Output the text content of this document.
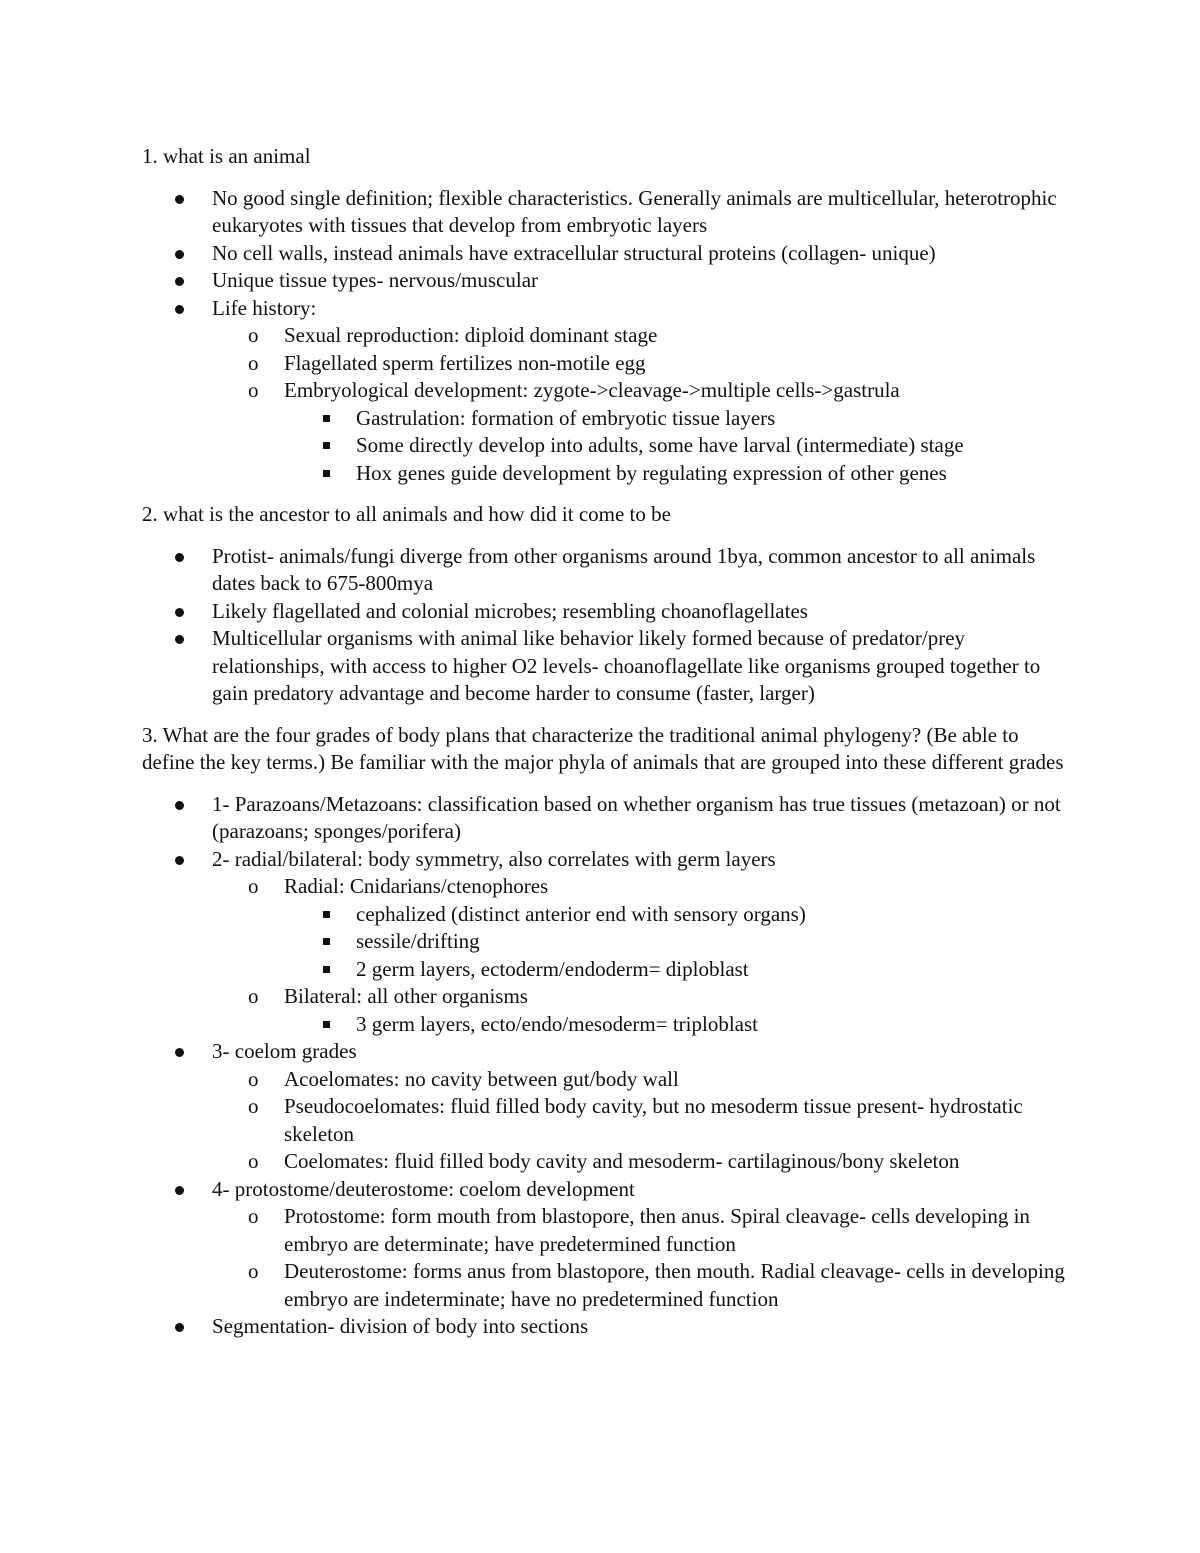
1. what is an animal

No good single definition; flexible characteristics. Generally animals are multicellular, heterotrophic eukaryotes with tissues that develop from embryotic layers
No cell walls, instead animals have extracellular structural proteins (collagen- unique)
Unique tissue types- nervous/muscular
Life history:
o Sexual reproduction: diploid dominant stage
o Flagellated sperm fertilizes non-motile egg
o Embryological development: zygote->cleavage->multiple cells->gastrula
Gastrulation: formation of embryotic tissue layers
Some directly develop into adults, some have larval (intermediate) stage
Hox genes guide development by regulating expression of other genes

2. what is the ancestor to all animals and how did it come to be

Protist- animals/fungi diverge from other organisms around 1bya, common ancestor to all animals dates back to 675-800mya
Likely flagellated and colonial microbes; resembling choanoflagellates
Multicellular organisms with animal like behavior likely formed because of predator/prey relationships, with access to higher O2 levels- choanoflagellate like organisms grouped together to gain predatory advantage and become harder to consume (faster, larger)

3. What are the four grades of body plans that characterize the traditional animal phylogeny? (Be able to define the key terms.) Be familiar with the major phyla of animals that are grouped into these different grades

1- Parazoans/Metazoans: classification based on whether organism has true tissues (metazoan) or not (parazoans; sponges/porifera)
2- radial/bilateral: body symmetry, also correlates with germ layers
o Radial: Cnidarians/ctenophores
cephalized (distinct anterior end with sensory organs)
sessile/drifting
2 germ layers, ectoderm/endoderm= diploblast
o Bilateral: all other organisms
3 germ layers, ecto/endo/mesoderm= triploblast
3- coelom grades
o Acoelomates: no cavity between gut/body wall
o Pseudocoelomates: fluid filled body cavity, but no mesoderm tissue present- hydrostatic skeleton
o Coelomates: fluid filled body cavity and mesoderm- cartilaginous/bony skeleton
4- protostome/deuterostome: coelom development
o Protostome: form mouth from blastopore, then anus. Spiral cleavage- cells developing in embryo are determinate; have predetermined function
o Deuterostome: forms anus from blastopore, then mouth. Radial cleavage- cells in developing embryo are indeterminate; have no predetermined function
Segmentation- division of body into sections
